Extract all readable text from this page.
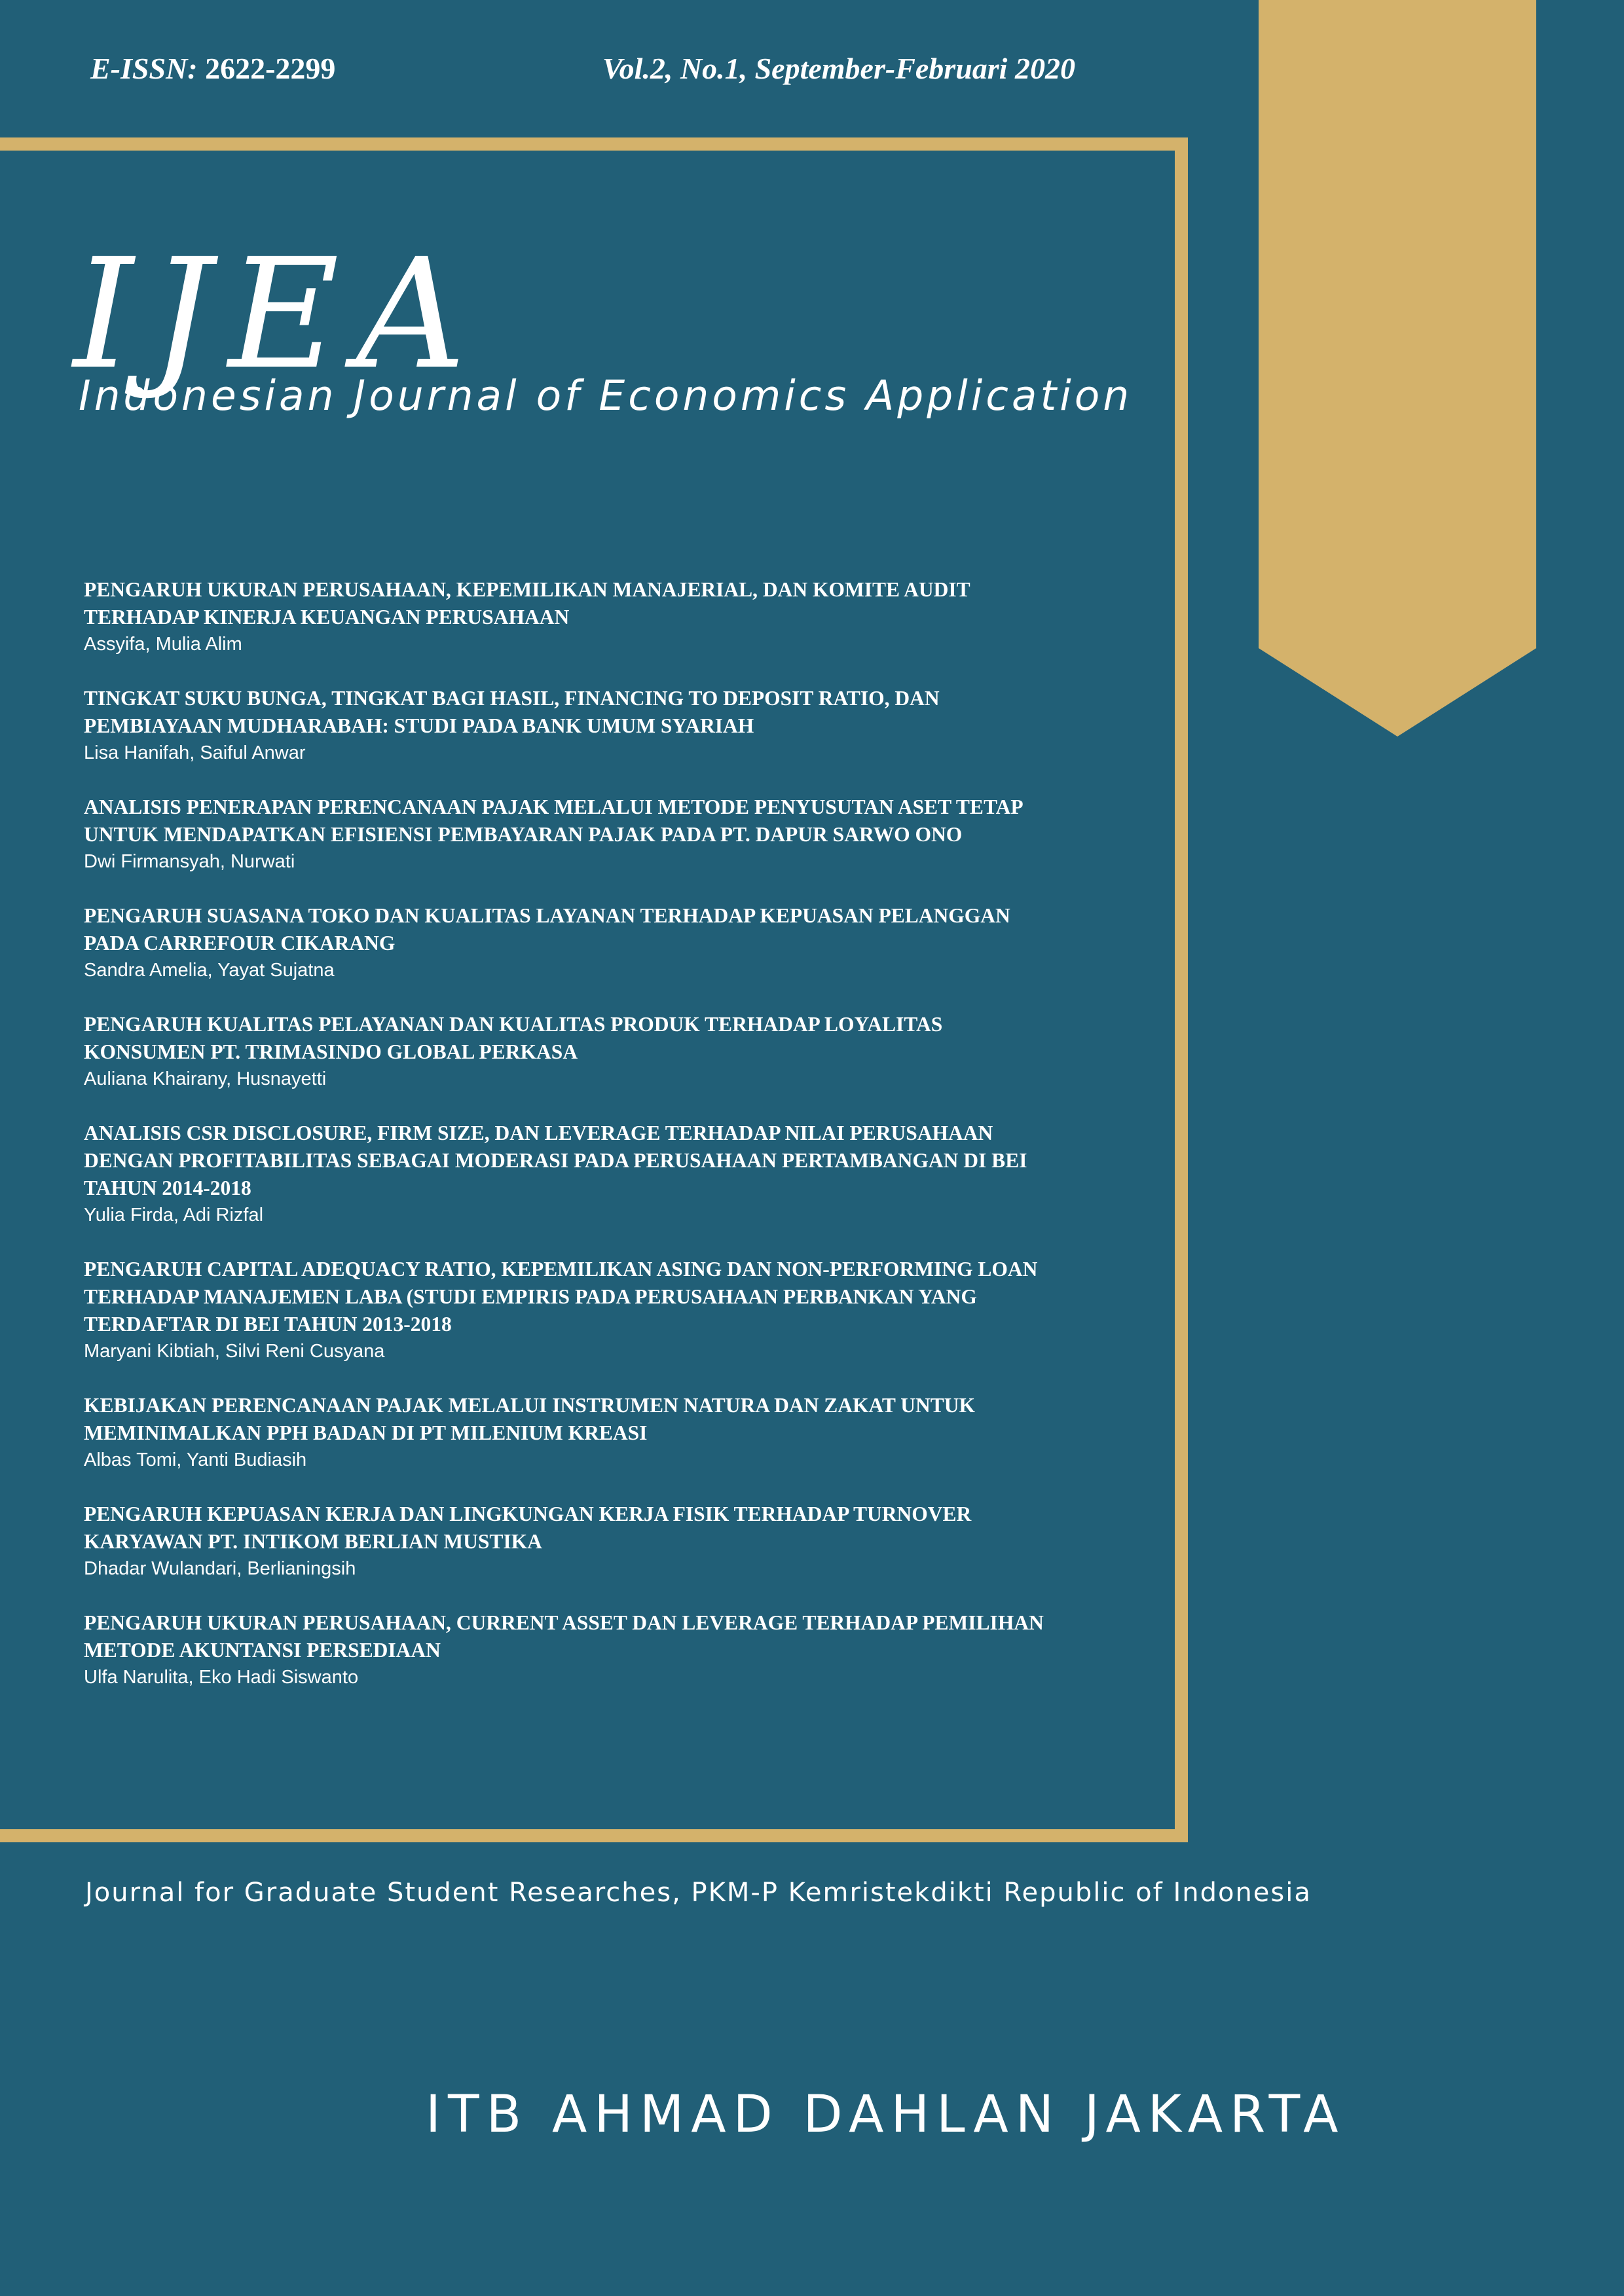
E-ISSN: 2622-2299	Vol.2, No.1, September-Februari 2020
IJEA
Indonesian Journal of Economics Application
PENGARUH UKURAN PERUSAHAAN, KEPEMILIKAN MANAJERIAL, DAN KOMITE AUDIT TERHADAP KINERJA KEUANGAN PERUSAHAAN
Assyifa, Mulia Alim
TINGKAT SUKU BUNGA, TINGKAT BAGI HASIL, FINANCING TO DEPOSIT RATIO, DAN PEMBIAYAAN MUDHARABAH: STUDI PADA BANK UMUM SYARIAH
Lisa Hanifah, Saiful Anwar
ANALISIS PENERAPAN PERENCANAAN PAJAK MELALUI METODE PENYUSUTAN ASET TETAP UNTUK MENDAPATKAN EFISIENSI PEMBAYARAN PAJAK PADA PT. DAPUR SARWO ONO
Dwi Firmansyah, Nurwati
PENGARUH SUASANA TOKO DAN KUALITAS LAYANAN TERHADAP KEPUASAN PELANGGAN PADA CARREFOUR CIKARANG
Sandra Amelia, Yayat Sujatna
PENGARUH KUALITAS PELAYANAN DAN KUALITAS PRODUK TERHADAP LOYALITAS KONSUMEN PT. TRIMASINDO GLOBAL PERKASA
Auliana Khairany, Husnayetti
ANALISIS CSR DISCLOSURE, FIRM SIZE, DAN LEVERAGE TERHADAP NILAI PERUSAHAAN DENGAN PROFITABILITAS SEBAGAI MODERASI PADA PERUSAHAAN PERTAMBANGAN DI BEI TAHUN 2014-2018
Yulia Firda, Adi Rizfal
PENGARUH CAPITAL ADEQUACY RATIO, KEPEMILIKAN ASING DAN NON-PERFORMING LOAN TERHADAP MANAJEMEN LABA (STUDI EMPIRIS PADA PERUSAHAAN PERBANKAN YANG TERDAFTAR DI BEI TAHUN 2013-2018
Maryani Kibtiah, Silvi Reni Cusyana
KEBIJAKAN PERENCANAAN PAJAK MELALUI INSTRUMEN NATURA DAN ZAKAT UNTUK MEMINIMALKAN PPH BADAN DI PT MILENIUM KREASI
Albas Tomi, Yanti Budiasih
PENGARUH KEPUASAN KERJA DAN LINGKUNGAN KERJA FISIK TERHADAP TURNOVER KARYAWAN PT. INTIKOM BERLIAN MUSTIKA
Dhadar Wulandari, Berlianingsih
PENGARUH UKURAN PERUSAHAAN, CURRENT ASSET DAN LEVERAGE TERHADAP PEMILIHAN METODE AKUNTANSI PERSEDIAAN
Ulfa Narulita, Eko Hadi Siswanto
Journal for Graduate Student Researches, PKM-P Kemristekdikti Republic of Indonesia
ITB AHMAD DAHLAN JAKARTA
